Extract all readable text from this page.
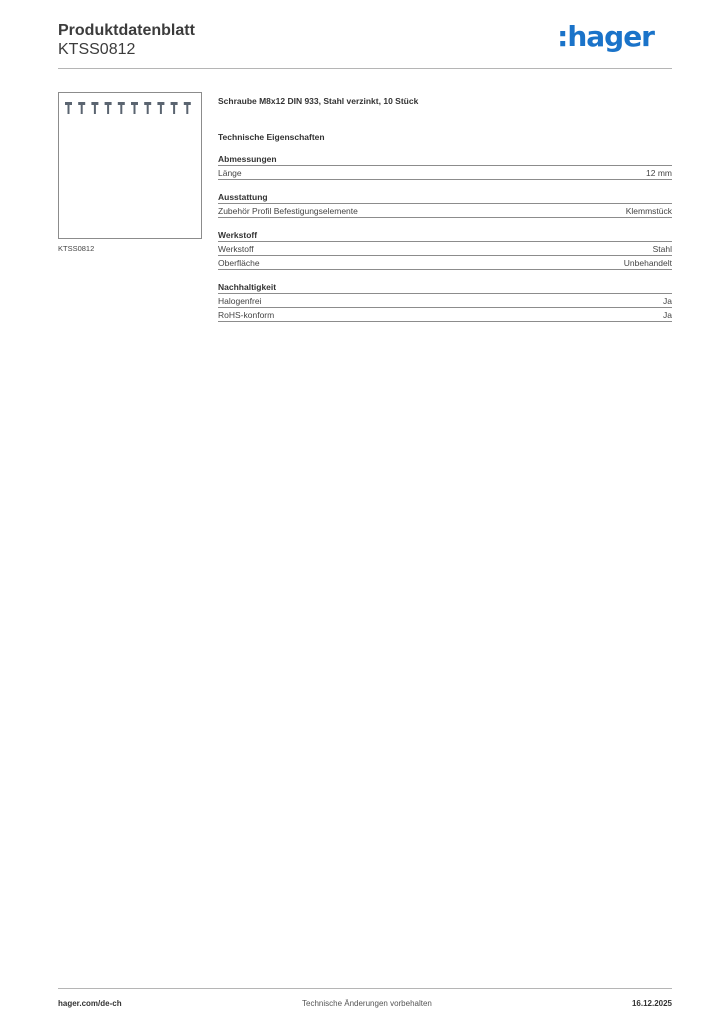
Produktdatenblatt
KTSS0812	:hager
KTSS0812
Schraube M8x12 DIN 933, Stahl verzinkt, 10 Stück
Technische Eigenschaften
Abmessungen
Länge	12 mm
Ausstattung
Zubehör Profil Befestigungselemente	Klemmstück
Werkstoff
Werkstoff	Stahl
Oberfläche	Unbehandelt
Nachhaltigkeit
Halogenfrei	Ja
RoHS-konform	Ja
hager.com/de-ch	Technische Änderungen vorbehalten	16.12.2025
